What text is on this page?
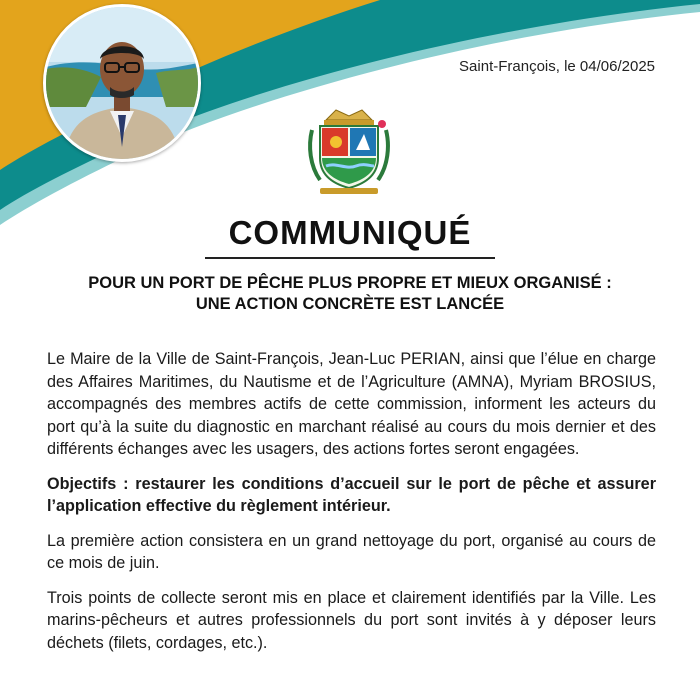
Saint-François, le 04/06/2025
COMMUNIQUÉ
POUR UN PORT DE PÊCHE PLUS PROPRE ET MIEUX ORGANISÉ :
UNE ACTION CONCRÈTE EST LANCÉE

Le Maire de la Ville de Saint-François, Jean-Luc PERIAN, ainsi que l’élue en charge des Affaires Maritimes, du Nautisme et de l’Agriculture (AMNA), Myriam BROSIUS, accompagnés des membres actifs de cette commission, informent les acteurs du port qu’à la suite du diagnostic en marchant réalisé au cours du mois dernier et des différents échanges avec les usagers, des actions fortes seront engagées.

Objectifs : restaurer les conditions d’accueil sur le port de pêche et assurer l’application effective du règlement intérieur.

La première action consistera en un grand nettoyage du port, organisé au cours de ce mois de juin.

Trois points de collecte seront mis en place et clairement identifiés par la Ville. Les marins-pêcheurs et autres professionnels du port sont invités à y déposer leurs déchets (filets, cordages, etc.).
